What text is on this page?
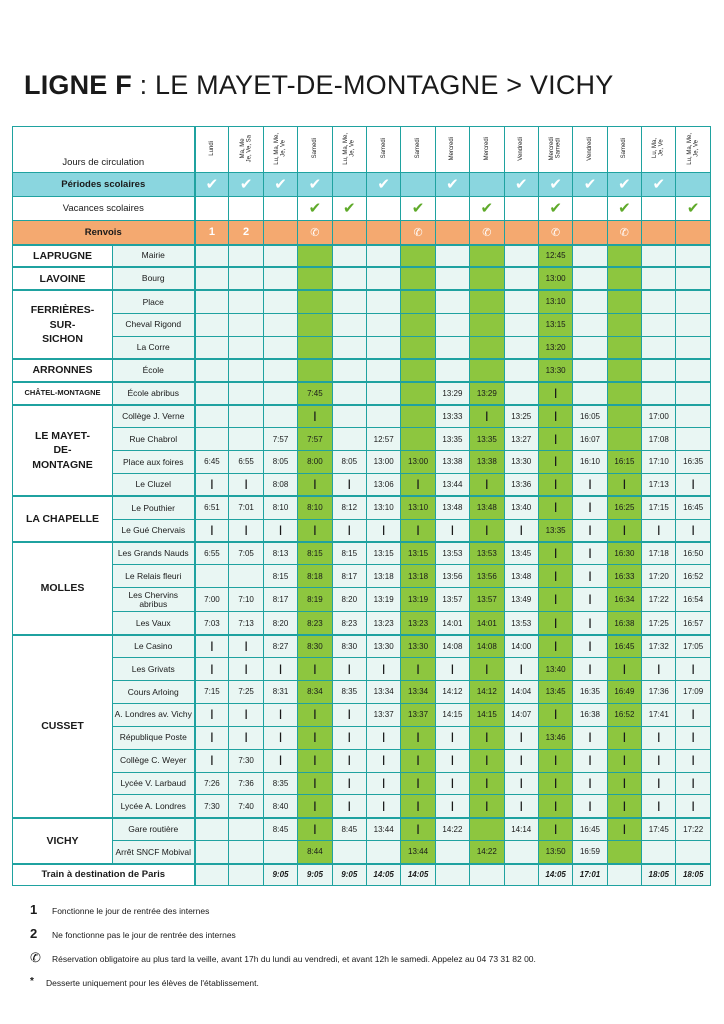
LIGNE F : LE MAYET-DE-MONTAGNE > VICHY
Jours de circulation		Lundi	Ma, Me
Je, Ve, Sa	Lu, Ma, Me,
Je, Ve	Samedi	Lu, Ma, Me,
Je, Ve	Samedi	Samedi	Mercredi	Mercredi	Vendredi	Mercredi
Samedi	Vendredi	Samedi	Lu, Ma,
Je, Ve	Lu, Ma, Me,
Je, Ve
Périodes scolaires		✔	✔	✔	✔		✔		✔		✔	✔	✔	✔	✔	
Vacances scolaires					✔	✔		✔		✔		✔		✔		✔
Renvois		1	2		✆			✆		✆		✆		✆		
LAPRUGNE	Mairie											12:45				
LAVOINE	Bourg											13:00				
FERRIÈRES-
SUR-
SICHON	Place											13:10				
	Cheval Rigond											13:15				
	La Corre											13:20				
ARRONNES	École											13:30				
CHÂTEL-MONTAGNE	École abribus				7:45				13:29	13:29		|				
LE MAYET-
DE-
MONTAGNE	Collège J. Verne				|				13:33	|	13:25	|	16:05		17:00	
	Rue Chabrol			7:57	7:57		12:57		13:35	13:35	13:27	|	16:07		17:08	
	Place aux foires	6:45	6:55	8:05	8:00	8:05	13:00	13:00	13:38	13:38	13:30	|	16:10	16:15	17:10	16:35
	Le Cluzel	|	|	8:08	|	|	13:06	|	13:44	|	13:36	|	|	|	17:13	|
LA CHAPELLE	Le Pouthier	6:51	7:01	8:10	8:10	8:12	13:10	13:10	13:48	13:48	13:40	|	|	16:25	17:15	16:45
	Le Gué Chervais	|	|	|	|	|	|	|	|	|	|	13:35	|	|	|	|
MOLLES	Les Grands Nauds	6:55	7:05	8:13	8:15	8:15	13:15	13:15	13:53	13:53	13:45	|	|	16:30	17:18	16:50
	Le Relais fleuri			8:15	8:18	8:17	13:18	13:18	13:56	13:56	13:48	|	|	16:33	17:20	16:52
	Les Chervins
abribus	7:00	7:10	8:17	8:19	8:20	13:19	13:19	13:57	13:57	13:49	|	|	16:34	17:22	16:54
	Les Vaux	7:03	7:13	8:20	8:23	8:23	13:23	13:23	14:01	14:01	13:53	|	|	16:38	17:25	16:57
CUSSET	Le Casino	|	|	8:27	8:30	8:30	13:30	13:30	14:08	14:08	14:00	|	|	16:45	17:32	17:05
	Les Grivats	|	|	|	|	|	|	|	|	|	|	13:40	|	|	|	|
	Cours Arloing	7:15	7:25	8:31	8:34	8:35	13:34	13:34	14:12	14:12	14:04	13:45	16:35	16:49	17:36	17:09
	A. Londres av. Vichy	|	|	|	|	|	13:37	13:37	14:15	14:15	14:07	|	16:38	16:52	17:41	|
	République Poste	|	|	|	|	|	|	|	|	|	|	13:46	|	|	|	|
	Collège C. Weyer	|	7:30	|	|	|	|	|	|	|	|	|	|	|	|	|
	Lycée V. Larbaud	7:26	7:36	8:35	|	|	|	|	|	|	|	|	|	|	|	|
	Lycée A. Londres	7:30	7:40	8:40	|	|	|	|	|	|	|	|	|	|	|	|
VICHY	Gare routière			8:45	|	8:45	13:44	|	14:22		14:14	|	16:45	|	17:45	17:22
	Arrêt SNCF Mobival				8:44			13:44		14:22		13:50	16:59			
Train à destination de Paris				9:05	9:05	9:05	14:05	14:05				14:05	17:01		18:05	18:05
1	Fonctionne le jour de rentrée des internes
2	Ne fonctionne pas le jour de rentrée des internes
✆	Réservation obligatoire au plus tard la veille, avant 17h du lundi au vendredi, et avant 12h le samedi. Appelez au 04 73 31 82 00.
*	Desserte uniquement pour les élèves de l'établissement.
